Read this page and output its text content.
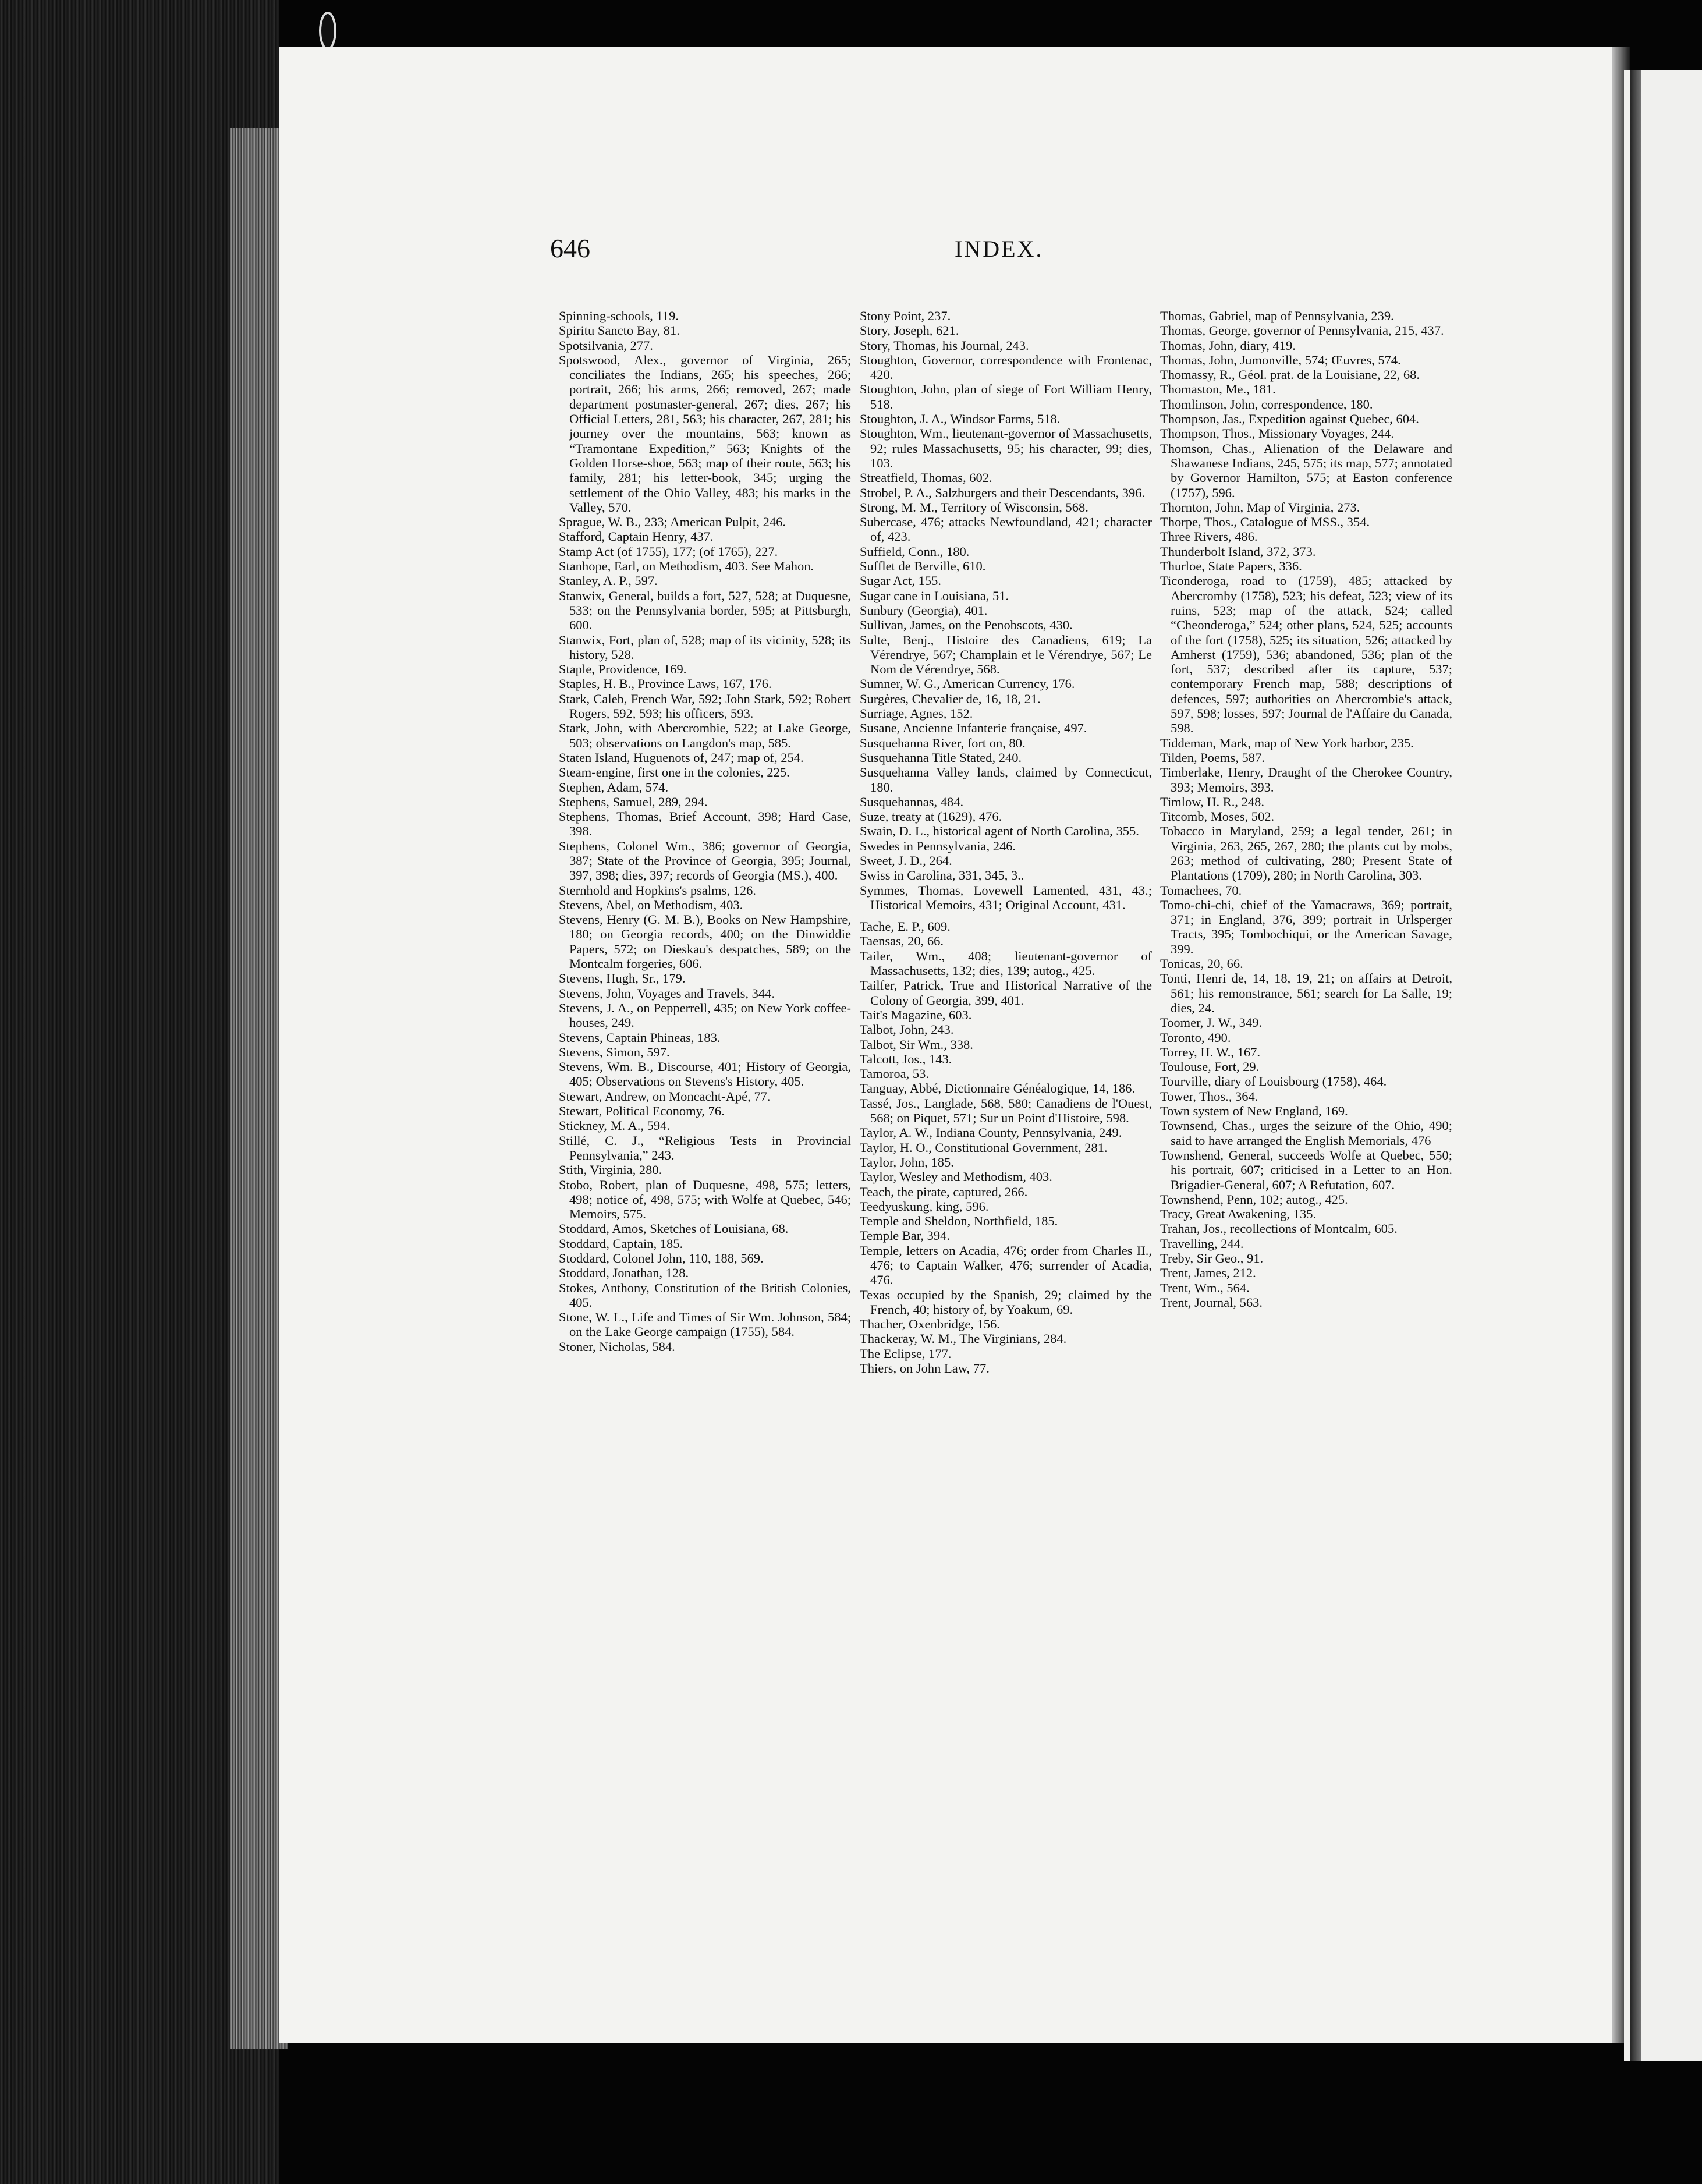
646	INDEX.
Spinning-schools, 119.
Spiritu Sancto Bay, 81.
Spotsilvania, 277.
Spotswood, Alex., governor of Virginia, 265; conciliates the Indians, 265; his speeches, 266; portrait, 266; his arms, 266; removed, 267; made department postmaster-general, 267; dies, 267; his Official Letters, 281, 563; his character, 267, 281; his journey over the mountains, 563; known as “Tramontane Expedition,” 563; Knights of the Golden Horse-shoe, 563; map of their route, 563; his family, 281; his letter-book, 345; urging the settlement of the Ohio Valley, 483; his marks in the Valley, 570.
Sprague, W. B., 233; American Pulpit, 246.
Stafford, Captain Henry, 437.
Stamp Act (of 1755), 177; (of 1765), 227.
Stanhope, Earl, on Methodism, 403. See Mahon.
Stanley, A. P., 597.
Stanwix, General, builds a fort, 527, 528; at Duquesne, 533; on the Pennsylvania border, 595; at Pittsburgh, 600.
Stanwix, Fort, plan of, 528; map of its vicinity, 528; its history, 528.
Staple, Providence, 169.
Staples, H. B., Province Laws, 167, 176.
Stark, Caleb, French War, 592; John Stark, 592; Robert Rogers, 592, 593; his officers, 593.
Stark, John, with Abercrombie, 522; at Lake George, 503; observations on Langdon's map, 585.
Staten Island, Huguenots of, 247; map of, 254.
Steam-engine, first one in the colonies, 225.
Stephen, Adam, 574.
Stephens, Samuel, 289, 294.
Stephens, Thomas, Brief Account, 398; Hard Case, 398.
Stephens, Colonel Wm., 386; governor of Georgia, 387; State of the Province of Georgia, 395; Journal, 397, 398; dies, 397; records of Georgia (MS.), 400.
Sternhold and Hopkins's psalms, 126.
Stevens, Abel, on Methodism, 403.
Stevens, Henry (G. M. B.), Books on New Hampshire, 180; on Georgia records, 400; on the Dinwiddie Papers, 572; on Dieskau's despatches, 589; on the Montcalm forgeries, 606.
Stevens, Hugh, Sr., 179.
Stevens, John, Voyages and Travels, 344.
Stevens, J. A., on Pepperrell, 435; on New York coffee-houses, 249.
Stevens, Captain Phineas, 183.
Stevens, Simon, 597.
Stevens, Wm. B., Discourse, 401; History of Georgia, 405; Observations on Stevens's History, 405.
Stewart, Andrew, on Moncacht-Apé, 77.
Stewart, Political Economy, 76.
Stickney, M. A., 594.
Stillé, C. J., “Religious Tests in Provincial Pennsylvania,” 243.
Stith, Virginia, 280.
Stobo, Robert, plan of Duquesne, 498, 575; letters, 498; notice of, 498, 575; with Wolfe at Quebec, 546; Memoirs, 575.
Stoddard, Amos, Sketches of Louisiana, 68.
Stoddard, Captain, 185.
Stoddard, Colonel John, 110, 188, 569.
Stoddard, Jonathan, 128.
Stokes, Anthony, Constitution of the British Colonies, 405.
Stone, W. L., Life and Times of Sir Wm. Johnson, 584; on the Lake George campaign (1755), 584.
Stoner, Nicholas, 584.
Stony Point, 237.
Story, Joseph, 621.
Story, Thomas, his Journal, 243.
Stoughton, Governor, correspondence with Frontenac, 420.
Stoughton, John, plan of siege of Fort William Henry, 518.
Stoughton, J. A., Windsor Farms, 518.
Stoughton, Wm., lieutenant-governor of Massachusetts, 92; rules Massachusetts, 95; his character, 99; dies, 103.
Streatfield, Thomas, 602.
Strobel, P. A., Salzburgers and their Descendants, 396.
Strong, M. M., Territory of Wisconsin, 568.
Subercase, 476; attacks Newfoundland, 421; character of, 423.
Suffield, Conn., 180.
Sufflet de Berville, 610.
Sugar Act, 155.
Sugar cane in Louisiana, 51.
Sunbury (Georgia), 401.
Sullivan, James, on the Penobscots, 430.
Sulte, Benj., Histoire des Canadiens, 619; La Vérendrye, 567; Champlain et le Vérendrye, 567; Le Nom de Vérendrye, 568.
Sumner, W. G., American Currency, 176.
Surgères, Chevalier de, 16, 18, 21.
Surriage, Agnes, 152.
Susane, Ancienne Infanterie française, 497.
Susquehanna River, fort on, 80.
Susquehanna Title Stated, 240.
Susquehanna Valley lands, claimed by Connecticut, 180.
Susquehannas, 484.
Suze, treaty at (1629), 476.
Swain, D. L., historical agent of North Carolina, 355.
Swedes in Pennsylvania, 246.
Sweet, J. D., 264.
Swiss in Carolina, 331, 345, 3..
Symmes, Thomas, Lovewell Lamented, 431, 43.; Historical Memoirs, 431; Original Account, 431.
Tache, E. P., 609.
Taensas, 20, 66.
Tailer, Wm., 408; lieutenant-governor of Massachusetts, 132; dies, 139; autog., 425.
Tailfer, Patrick, True and Historical Narrative of the Colony of Georgia, 399, 401.
Tait's Magazine, 603.
Talbot, John, 243.
Talbot, Sir Wm., 338.
Talcott, Jos., 143.
Tamoroa, 53.
Tanguay, Abbé, Dictionnaire Généalogique, 14, 186.
Tassé, Jos., Langlade, 568, 580; Canadiens de l'Ouest, 568; on Piquet, 571; Sur un Point d'Histoire, 598.
Taylor, A. W., Indiana County, Pennsylvania, 249.
Taylor, H. O., Constitutional Government, 281.
Taylor, John, 185.
Taylor, Wesley and Methodism, 403.
Teach, the pirate, captured, 266.
Teedyuskung, king, 596.
Temple and Sheldon, Northfield, 185.
Temple Bar, 394.
Temple, letters on Acadia, 476; order from Charles II., 476; to Captain Walker, 476; surrender of Acadia, 476.
Texas occupied by the Spanish, 29; claimed by the French, 40; history of, by Yoakum, 69.
Thacher, Oxenbridge, 156.
Thackeray, W. M., The Virginians, 284.
The Eclipse, 177.
Thiers, on John Law, 77.
Thomas, Gabriel, map of Pennsylvania, 239.
Thomas, George, governor of Pennsylvania, 215, 437.
Thomas, John, diary, 419.
Thomas, John, Jumonville, 574; Œuvres, 574.
Thomassy, R., Géol. prat. de la Louisiane, 22, 68.
Thomaston, Me., 181.
Thomlinson, John, correspondence, 180.
Thompson, Jas., Expedition against Quebec, 604.
Thompson, Thos., Missionary Voyages, 244.
Thomson, Chas., Alienation of the Delaware and Shawanese Indians, 245, 575; its map, 577; annotated by Governor Hamilton, 575; at Easton conference (1757), 596.
Thornton, John, Map of Virginia, 273.
Thorpe, Thos., Catalogue of MSS., 354.
Three Rivers, 486.
Thunderbolt Island, 372, 373.
Thurloe, State Papers, 336.
Ticonderoga, road to (1759), 485; attacked by Abercromby (1758), 523; his defeat, 523; view of its ruins, 523; map of the attack, 524; called “Cheonderoga,” 524; other plans, 524, 525; accounts of the fort (1758), 525; its situation, 526; attacked by Amherst (1759), 536; abandoned, 536; plan of the fort, 537; described after its capture, 537; contemporary French map, 588; descriptions of defences, 597; authorities on Abercrombie's attack, 597, 598; losses, 597; Journal de l'Affaire du Canada, 598.
Tiddeman, Mark, map of New York harbor, 235.
Tilden, Poems, 587.
Timberlake, Henry, Draught of the Cherokee Country, 393; Memoirs, 393.
Timlow, H. R., 248.
Titcomb, Moses, 502.
Tobacco in Maryland, 259; a legal tender, 261; in Virginia, 263, 265, 267, 280; the plants cut by mobs, 263; method of cultivating, 280; Present State of Plantations (1709), 280; in North Carolina, 303.
Tomachees, 70.
Tomo-chi-chi, chief of the Yamacraws, 369; portrait, 371; in England, 376, 399; portrait in Urlsperger Tracts, 395; Tombochiqui, or the American Savage, 399.
Tonicas, 20, 66.
Tonti, Henri de, 14, 18, 19, 21; on affairs at Detroit, 561; his remonstrance, 561; search for La Salle, 19; dies, 24.
Toomer, J. W., 349.
Toronto, 490.
Torrey, H. W., 167.
Toulouse, Fort, 29.
Tourville, diary of Louisbourg (1758), 464.
Tower, Thos., 364.
Town system of New England, 169.
Townsend, Chas., urges the seizure of the Ohio, 490; said to have arranged the English Memorials, 476
Townshend, General, succeeds Wolfe at Quebec, 550; his portrait, 607; criticised in a Letter to an Hon. Brigadier-General, 607; A Refutation, 607.
Townshend, Penn, 102; autog., 425.
Tracy, Great Awakening, 135.
Trahan, Jos., recollections of Montcalm, 605.
Travelling, 244.
Treby, Sir Geo., 91.
Trent, James, 212.
Trent, Wm., 564.
Trent, Journal, 563.
